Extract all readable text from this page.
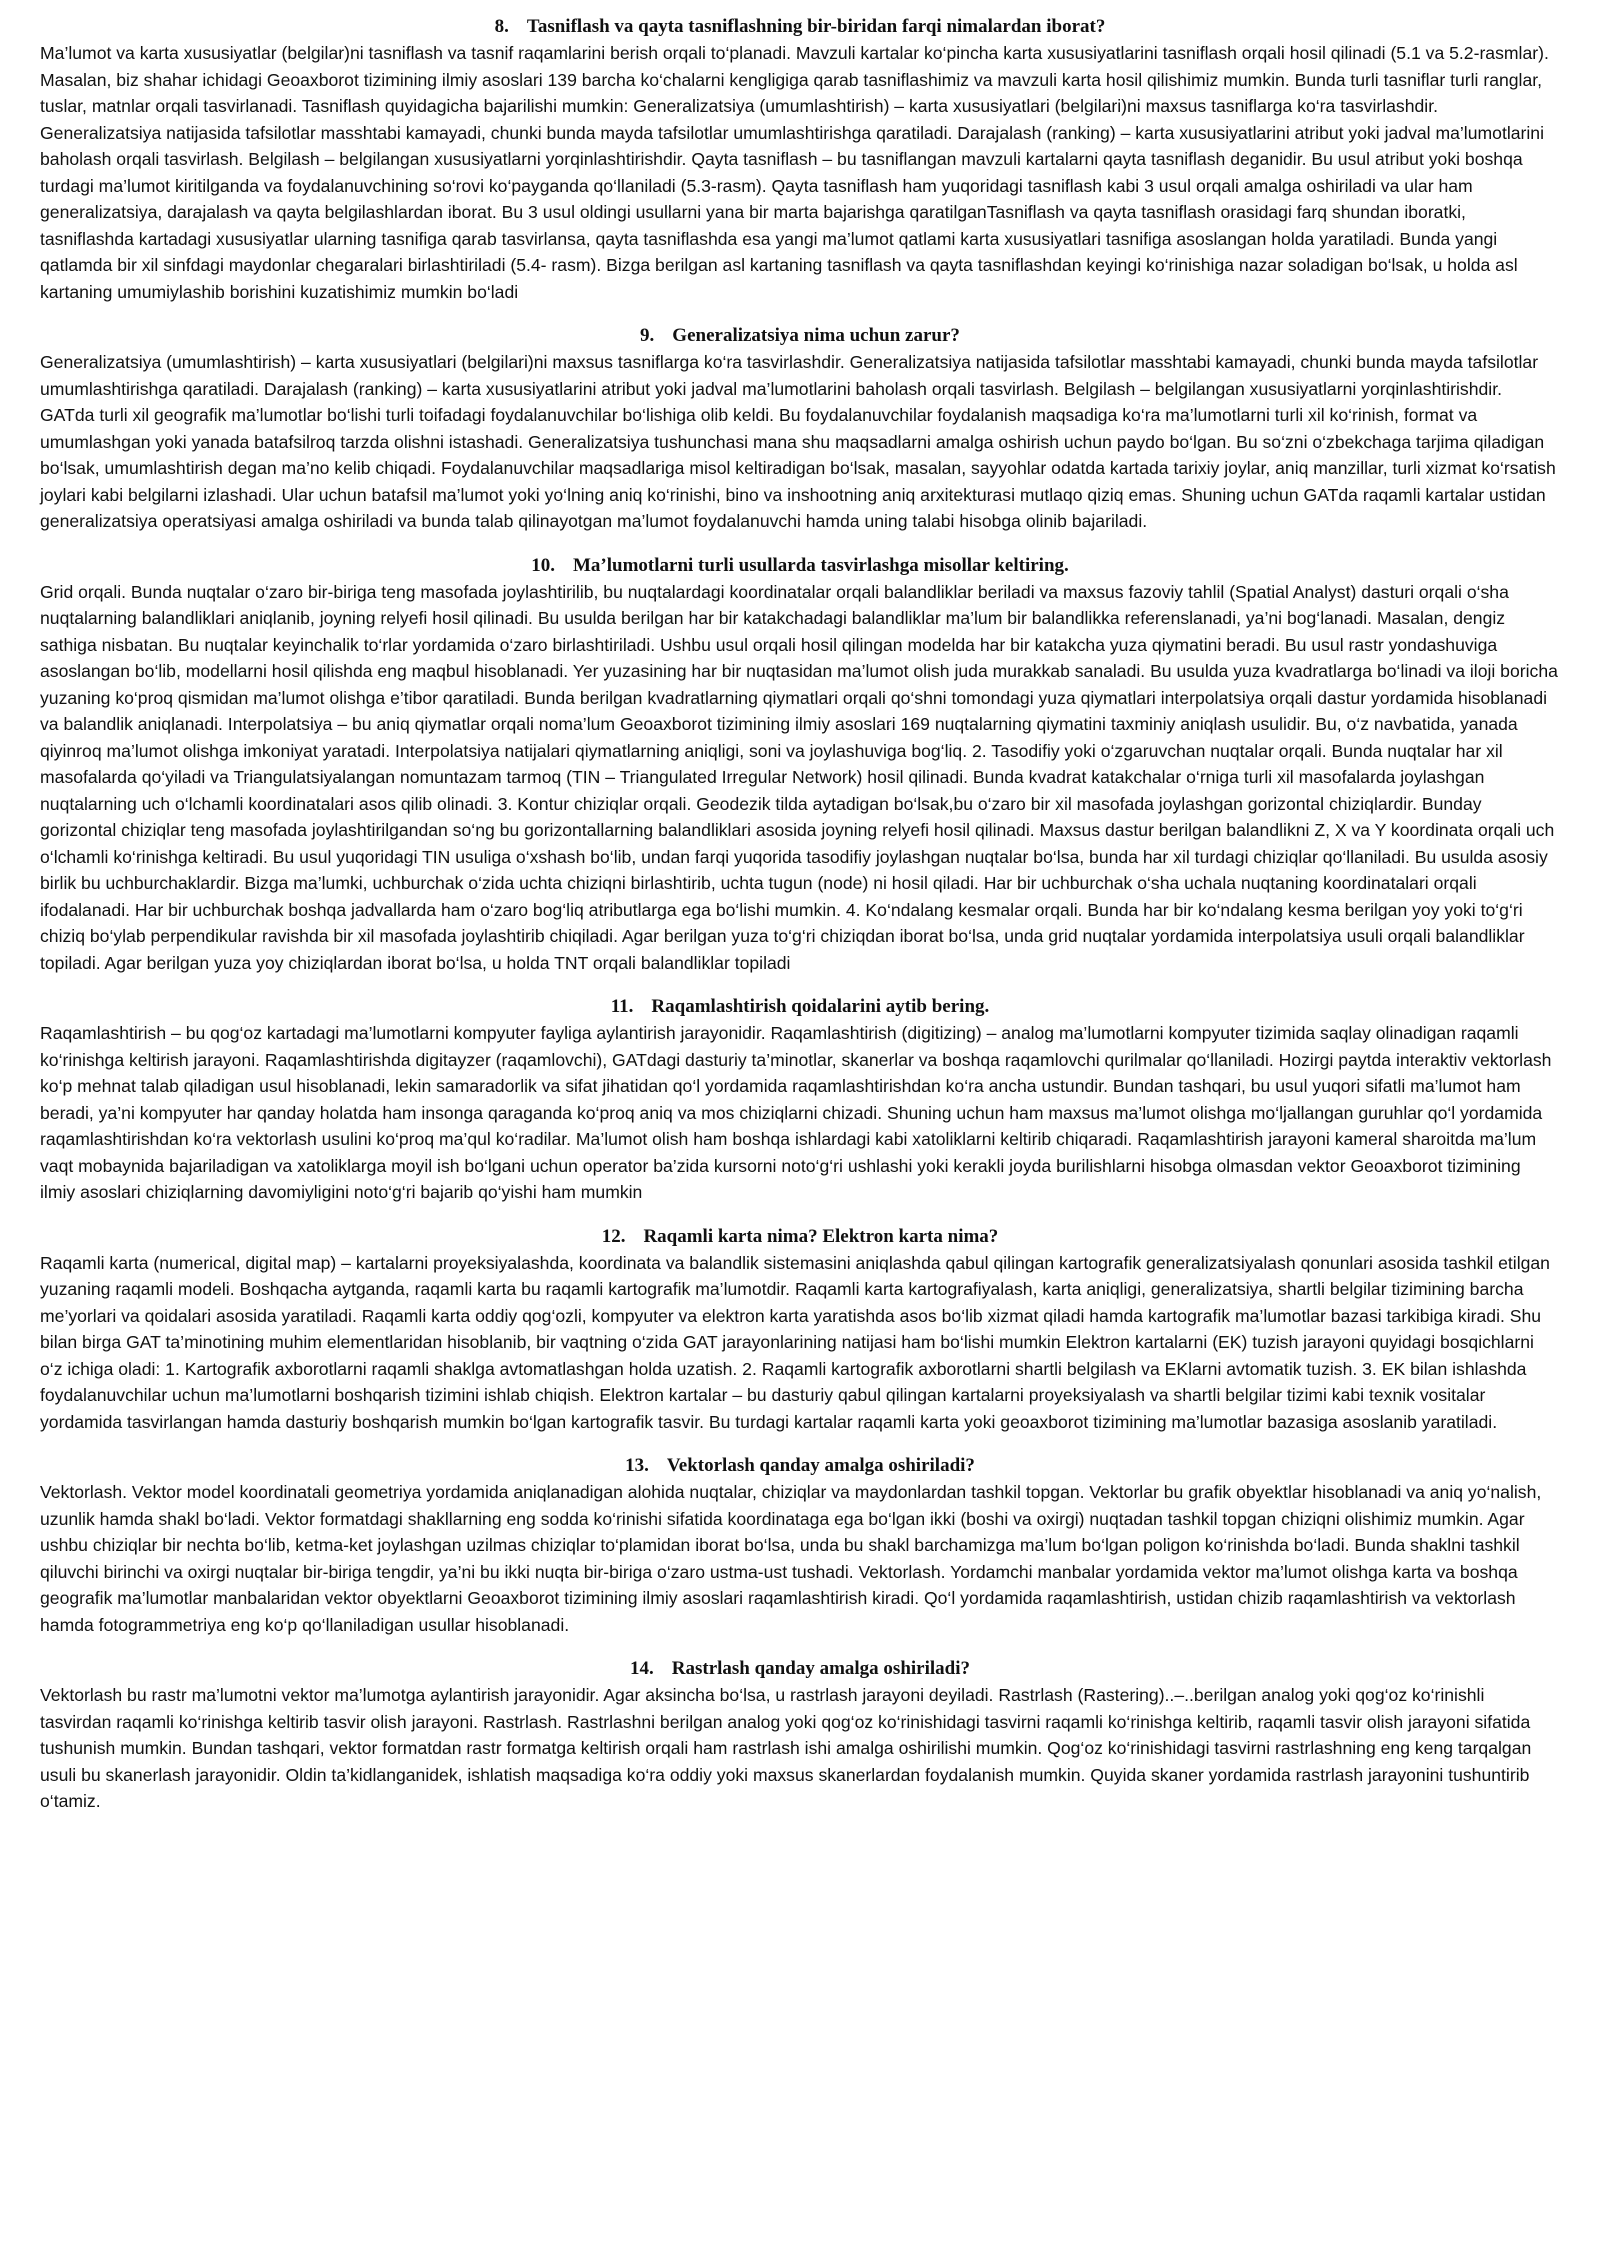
8. Tasniflash va qayta tasniflashning bir-biridan farqi nimalardan iborat?

Ma’lumot va karta xususiyatlar (belgilar)ni tasniflash va tasnif raqamlarini berish orqali to‘planadi. Mavzuli kartalar ko‘pincha karta xususiyatlarini tasniflash orqali hosil qilinadi (5.1 va 5.2-rasmlar). Masalan, biz shahar ichidagi Geoaxborot tizimining ilmiy asoslari 139 barcha ko‘chalarni kengligiga qarab tasniflashimiz va mavzuli karta hosil qilishimiz mumkin. Bunda turli tasniflar turli ranglar, tuslar, matnlar orqali tasvirlanadi. Tasniflash quyidagicha bajarilishi mumkin: Generalizatsiya (umumlashtirish) – karta xususiyatlari (belgilari)ni maxsus tasniflarga ko‘ra tasvirlashdir. Generalizatsiya natijasida tafsilotlar masshtabi kamayadi, chunki bunda mayda tafsilotlar umumlashtirishga qaratiladi. Darajalash (ranking) – karta xususiyatlarini atribut yoki jadval ma’lumotlarini baholash orqali tasvirlash. Belgilash – belgilangan xususiyatlarni yorqinlashtirishdir. Qayta tasniflash – bu tasniflangan mavzuli kartalarni qayta tasniflash deganidir. Bu usul atribut yoki boshqa turdagi ma’lumot kiritilganda va foydalanuvchining so‘rovi ko‘payganda qo‘llaniladi (5.3-rasm). Qayta tasniflash ham yuqoridagi tasniflash kabi 3 usul orqali amalga oshiriladi va ular ham generalizatsiya, darajalash va qayta belgilashlardan iborat. Bu 3 usul oldingi usullarni yana bir marta bajarishga qaratilganTasniflash va qayta tasniflash orasidagi farq shundan iboratki, tasniflashda kartadagi xususiyatlar ularning tasnifiga qarab tasvirlansa, qayta tasniflashda esa yangi ma’lumot qatlami karta xususiyatlari tasnifiga asoslangan holda yaratiladi. Bunda yangi qatlamda bir xil sinfdagi maydonlar chegaralari birlashtiriladi (5.4- rasm). Bizga berilgan asl kartaning tasniflash va qayta tasniflashdan keyingi ko‘rinishiga nazar soladigan bo‘lsak, u holda asl kartaning umumiylashib borishini kuzatishimiz mumkin bo‘ladi

9. Generalizatsiya nima uchun zarur?

Generalizatsiya (umumlashtirish) – karta xususiyatlari (belgilari)ni maxsus tasniflarga ko‘ra tasvirlashdir. Generalizatsiya natijasida tafsilotlar masshtabi kamayadi, chunki bunda mayda tafsilotlar umumlashtirishga qaratiladi. Darajalash (ranking) – karta xususiyatlarini atribut yoki jadval ma’lumotlarini baholash orqali tasvirlash. Belgilash – belgilangan xususiyatlarni yorqinlashtirishdir. GATda turli xil geografik ma’lumotlar bo‘lishi turli toifadagi foydalanuvchilar bo‘lishiga olib keldi. Bu foydalanuvchilar foydalanish maqsadiga ko‘ra ma’lumotlarni turli xil ko‘rinish, format va umumlashgan yoki yanada batafsilroq tarzda olishni istashadi. Generalizatsiya tushunchasi mana shu maqsadlarni amalga oshirish uchun paydo bo‘lgan. Bu so‘zni o‘zbekchaga tarjima qiladigan bo‘lsak, umumlashtirish degan ma’no kelib chiqadi. Foydalanuvchilar maqsadlariga misol keltiradigan bo‘lsak, masalan, sayyohlar odatda kartada tarixiy joylar, aniq manzillar, turli xizmat ko‘rsatish joylari kabi belgilarni izlashadi. Ular uchun batafsil ma’lumot yoki yo‘lning aniq ko‘rinishi, bino va inshootning aniq arxitekturasi mutlaqo qiziq emas. Shuning uchun GATda raqamli kartalar ustidan generalizatsiya operatsiyasi amalga oshiriladi va bunda talab qilinayotgan ma’lumot foydalanuvchi hamda uning talabi hisobga olinib bajariladi.

10. Ma’lumotlarni turli usullarda tasvirlashga misollar keltiring.

Grid orqali. Bunda nuqtalar o‘zaro bir-biriga teng masofada joylashtirilib, bu nuqtalardagi koordinatalar orqali balandliklar beriladi va maxsus fazoviy tahlil (Spatial Analyst) dasturi orqali o‘sha nuqtalarning balandliklari aniqlanib, joyning relyefi hosil qilinadi. Bu usulda berilgan har bir katakchadagi balandliklar ma’lum bir balandlikka referenslanadi, ya’ni bog‘lanadi. Masalan, dengiz sathiga nisbatan. Bu nuqtalar keyinchalik to‘rlar yordamida o‘zaro birlashtiriladi. Ushbu usul orqali hosil qilingan modelda har bir katakcha yuza qiymatini beradi. Bu usul rastr yondashuviga asoslangan bo‘lib, modellarni hosil qilishda eng maqbul hisoblanadi. Yer yuzasining har bir nuqtasidan ma’lumot olish juda murakkab sanaladi. Bu usulda yuza kvadratlarga bo‘linadi va iloji boricha yuzaning ko‘proq qismidan ma’lumot olishga e’tibor qaratiladi. Bunda berilgan kvadratlarning qiymatlari orqali qo‘shni tomondagi yuza qiymatlari interpolatsiya orqali dastur yordamida hisoblanadi va balandlik aniqlanadi. Interpolatsiya – bu aniq qiymatlar orqali noma’lum Geoaxborot tizimining ilmiy asoslari 169 nuqtalarning qiymatini taxminiy aniqlash usulidir. Bu, o‘z navbatida, yanada qiyinroq ma’lumot olishga imkoniyat yaratadi. Interpolatsiya natijalari qiymatlarning aniqligi, soni va joylashuviga bog‘liq. 2. Tasodifiy yoki o‘zgaruvchan nuqtalar orqali. Bunda nuqtalar har xil masofalarda qo‘yiladi va Triangulatsiyalangan nomuntazam tarmoq (TIN – Triangulated Irregular Network) hosil qilinadi. Bunda kvadrat katakchalar o‘rniga turli xil masofalarda joylashgan nuqtalarning uch o‘lchamli koordinatalari asos qilib olinadi. 3. Kontur chiziqlar orqali. Geodezik tilda aytadigan bo‘lsak,bu o‘zaro bir xil masofada joylashgan gorizontal chiziqlardir. Bunday gorizontal chiziqlar teng masofada joylashtirilgandan so‘ng bu gorizontallarning balandliklari asosida joyning relyefi hosil qilinadi. Maxsus dastur berilgan balandlikni Z, X va Y koordinata orqali uch o‘lchamli ko‘rinishga keltiradi. Bu usul yuqoridagi TIN usuliga o‘xshash bo‘lib, undan farqi yuqorida tasodifiy joylashgan nuqtalar bo‘lsa, bunda har xil turdagi chiziqlar qo‘llaniladi. Bu usulda asosiy birlik bu uchburchaklardir. Bizga ma’lumki, uchburchak o‘zida uchta chiziqni birlashtirib, uchta tugun (node) ni hosil qiladi. Har bir uchburchak o‘sha uchala nuqtaning koordinatalari orqali ifodalanadi. Har bir uchburchak boshqa jadvallarda ham o‘zaro bog‘liq atributlarga ega bo‘lishi mumkin. 4. Ko‘ndalang kesmalar orqali. Bunda har bir ko‘ndalang kesma berilgan yoy yoki to‘g‘ri chiziq bo‘ylab perpendikular ravishda bir xil masofada joylashtirib chiqiladi. Agar berilgan yuza to‘g‘ri chiziqdan iborat bo‘lsa, unda grid nuqtalar yordamida interpolatsiya usuli orqali balandliklar topiladi. Agar berilgan yuza yoy chiziqlardan iborat bo‘lsa, u holda TNT orqali balandliklar topiladi

11. Raqamlashtirish qoidalarini aytib bering.

Raqamlashtirish – bu qog‘oz kartadagi ma’lumotlarni kompyuter fayliga aylantirish jarayonidir. Raqamlashtirish (digitizing) – analog ma’lumotlarni kompyuter tizimida saqlay olinadigan raqamli ko‘rinishga keltirish jarayoni. Raqamlashtirishda digitayzer (raqamlovchi), GATdagi dasturiy ta’minotlar, skanerlar va boshqa raqamlovchi qurilmalar qo‘llaniladi. Hozirgi paytda interaktiv vektorlash ko‘p mehnat talab qiladigan usul hisoblanadi, lekin samaradorlik va sifat jihatidan qo‘l yordamida raqamlashtirishdan ko‘ra ancha ustundir. Bundan tashqari, bu usul yuqori sifatli ma’lumot ham beradi, ya’ni kompyuter har qanday holatda ham insonga qaraganda ko‘proq aniq va mos chiziqlarni chizadi. Shuning uchun ham maxsus ma’lumot olishga mo‘ljallangan guruhlar qo‘l yordamida raqamlashtirishdan ko‘ra vektorlash usulini ko‘proq ma’qul ko‘radilar. Ma’lumot olish ham boshqa ishlardagi kabi xatoliklarni keltirib chiqaradi. Raqamlashtirish jarayoni kameral sharoitda ma’lum vaqt mobaynida bajariladigan va xatoliklarga moyil ish bo‘lgani uchun operator ba’zida kursorni noto‘g‘ri ushlashi yoki kerakli joyda burilishlarni hisobga olmasdan vektor Geoaxborot tizimining ilmiy asoslari chiziqlarning davomiyligini noto‘g‘ri bajarib qo‘yishi ham mumkin

12. Raqamli karta nima? Elektron karta nima?

Raqamli karta (numerical, digital map) – kartalarni proyeksiyalashda, koordinata va balandlik sistemasini aniqlashda qabul qilingan kartografik generalizatsiyalash qonunlari asosida tashkil etilgan yuzaning raqamli modeli. Boshqacha aytganda, raqamli karta bu raqamli kartografik ma’lumotdir. Raqamli karta kartografiyalash, karta aniqligi, generalizatsiya, shartli belgilar tizimining barcha me’yorlari va qoidalari asosida yaratiladi. Raqamli karta oddiy qog‘ozli, kompyuter va elektron karta yaratishda asos bo‘lib xizmat qiladi hamda kartografik ma’lumotlar bazasi tarkibiga kiradi. Shu bilan birga GAT ta’minotining muhim elementlaridan hisoblanib, bir vaqtning o‘zida GAT jarayonlarining natijasi ham bo‘lishi mumkin Elektron kartalarni (EK) tuzish jarayoni quyidagi bosqichlarni o‘z ichiga oladi: 1. Kartografik axborotlarni raqamli shaklga avtomatlashgan holda uzatish. 2. Raqamli kartografik axborotlarni shartli belgilash va EKlarni avtomatik tuzish. 3. EK bilan ishlashda foydalanuvchilar uchun ma’lumotlarni boshqarish tizimini ishlab chiqish. Elektron kartalar – bu dasturiy qabul qilingan kartalarni proyeksiyalash va shartli belgilar tizimi kabi texnik vositalar yordamida tasvirlangan hamda dasturiy boshqarish mumkin bo‘lgan kartografik tasvir. Bu turdagi kartalar raqamli karta yoki geoaxborot tizimining ma’lumotlar bazasiga asoslanib yaratiladi.

13. Vektorlash qanday amalga oshiriladi?

Vektorlash. Vektor model koordinatali geometriya yordamida aniqlanadigan alohida nuqtalar, chiziqlar va maydonlardan tashkil topgan. Vektorlar bu grafik obyektlar hisoblanadi va aniq yo‘nalish, uzunlik hamda shakl bo‘ladi. Vektor formatdagi shakllarning eng sodda ko‘rinishi sifatida koordinataga ega bo‘lgan ikki (boshi va oxirgi) nuqtadan tashkil topgan chiziqni olishimiz mumkin. Agar ushbu chiziqlar bir nechta bo‘lib, ketma-ket joylashgan uzilmas chiziqlar to‘plamidan iborat bo‘lsa, unda bu shakl barchamizga ma’lum bo‘lgan poligon ko‘rinishda bo‘ladi. Bunda shaklni tashkil qiluvchi birinchi va oxirgi nuqtalar bir-biriga tengdir, ya’ni bu ikki nuqta bir-biriga o‘zaro ustma-ust tushadi. Vektorlash. Yordamchi manbalar yordamida vektor ma’lumot olishga karta va boshqa geografik ma’lumotlar manbalaridan vektor obyektlarni Geoaxborot tizimining ilmiy asoslari raqamlashtirish kiradi. Qo‘l yordamida raqamlashtirish, ustidan chizib raqamlashtirish va vektorlash hamda fotogrammetriya eng ko‘p qo‘llaniladigan usullar hisoblanadi.

14. Rastrlash qanday amalga oshiriladi?

Vektorlash bu rastr ma’lumotni vektor ma’lumotga aylantirish jarayonidir. Agar aksincha bo‘lsa, u rastrlash jarayoni deyiladi. Rastrlash (Rastering)..–..berilgan analog yoki qog‘oz ko‘rinishli tasvirdan raqamli ko‘rinishga keltirib tasvir olish jarayoni. Rastrlash. Rastrlashni berilgan analog yoki qog‘oz ko‘rinishidagi tasvirni raqamli ko‘rinishga keltirib, raqamli tasvir olish jarayoni sifatida tushunish mumkin. Bundan tashqari, vektor formatdan rastr formatga keltirish orqali ham rastrlash ishi amalga oshirilishi mumkin. Qog‘oz ko‘rinishidagi tasvirni rastrlashning eng keng tarqalgan usuli bu skanerlash jarayonidir. Oldin ta’kidlanganidek, ishlatish maqsadiga ko‘ra oddiy yoki maxsus skanerlardan foydalanish mumkin. Quyida skaner yordamida rastrlash jarayonini tushuntirib o‘tamiz.
